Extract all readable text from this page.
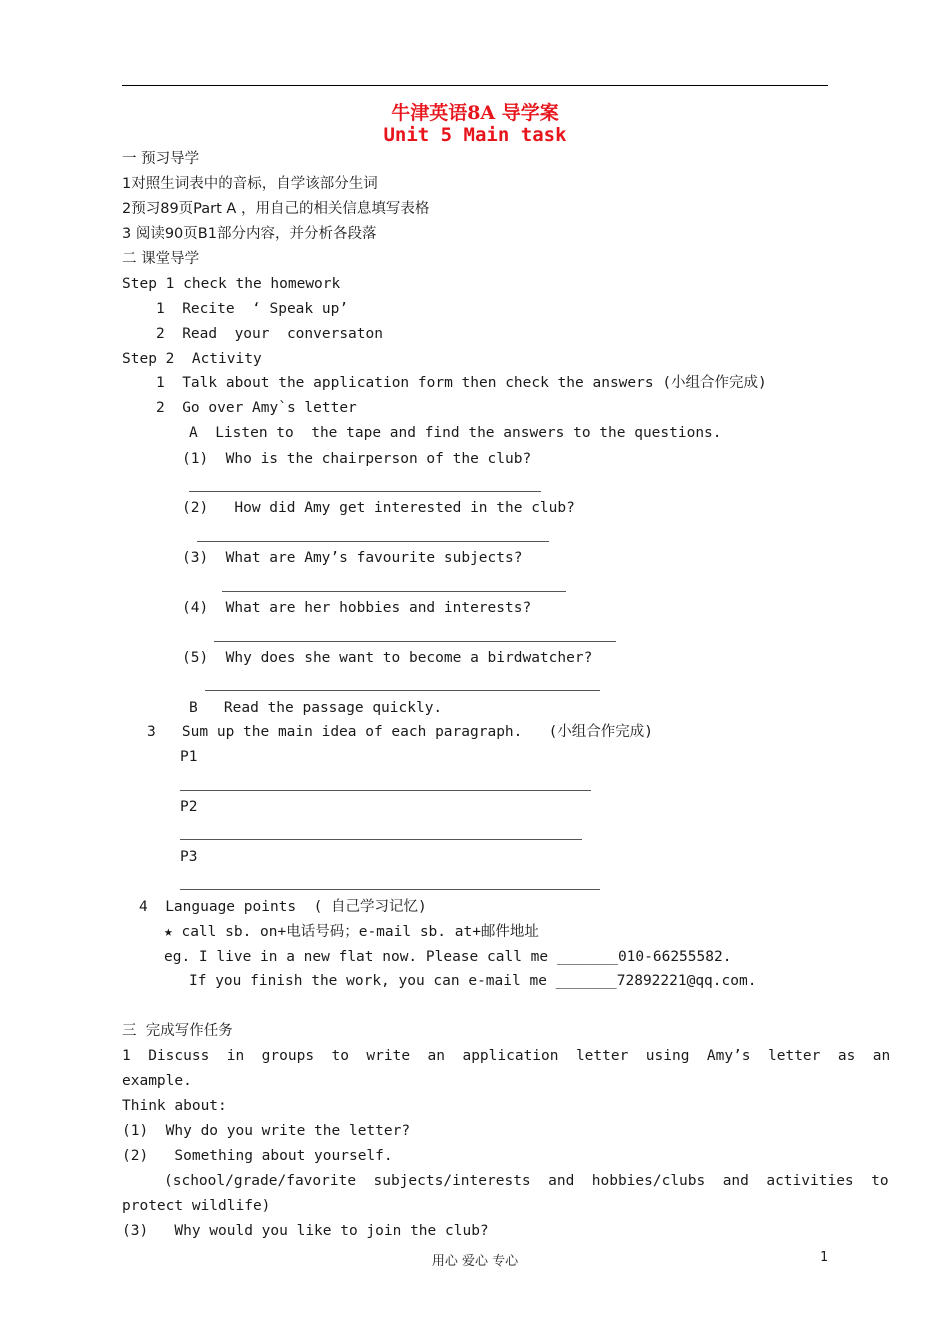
牛津英语8A 导学案
Unit 5 Main task
一 预习导学
1对照生词表中的音标，自学该部分生词
2预习89页Part A ，用自己的相关信息填写表格
3 阅读90页B1部分内容，并分析各段落
二 课堂导学
Step 1 check the homework
1  Recite  ‘ Speak up’
2  Read  your  conversaton
Step 2  Activity
1  Talk about the application form then check the answers (小组合作完成)
2  Go over Amy`s letter
A  Listen to  the tape and find the answers to the questions.
(1)  Who is the chairperson of the club?
(2)   How did Amy get interested in the club?
(3)  What are Amy’s favourite subjects?
(4)  What are her hobbies and interests?
(5)  Why does she want to become a birdwatcher?
B   Read the passage quickly.
3   Sum up the main idea of each paragraph.   (小组合作完成)
P1
P2
P3
4  Language points  ( 自己学习记忆)
★ call sb. on+电话号码；e-mail sb. at+邮件地址
eg. I live in a new flat now. Please call me _______010-66255582.
If you finish the work, you can e-mail me _______72892221@qq.com.
三  完成写作任务
1  Discuss  in  groups  to  write  an  application  letter  using  Amy’s  letter  as  an
example.
Think about:
(1)  Why do you write the letter?
(2)   Something about yourself.
(school/grade/favorite  subjects/interests  and  hobbies/clubs  and  activities  to
protect wildlife)
(3)   Why would you like to join the club?
用心 爱心 专心	1
